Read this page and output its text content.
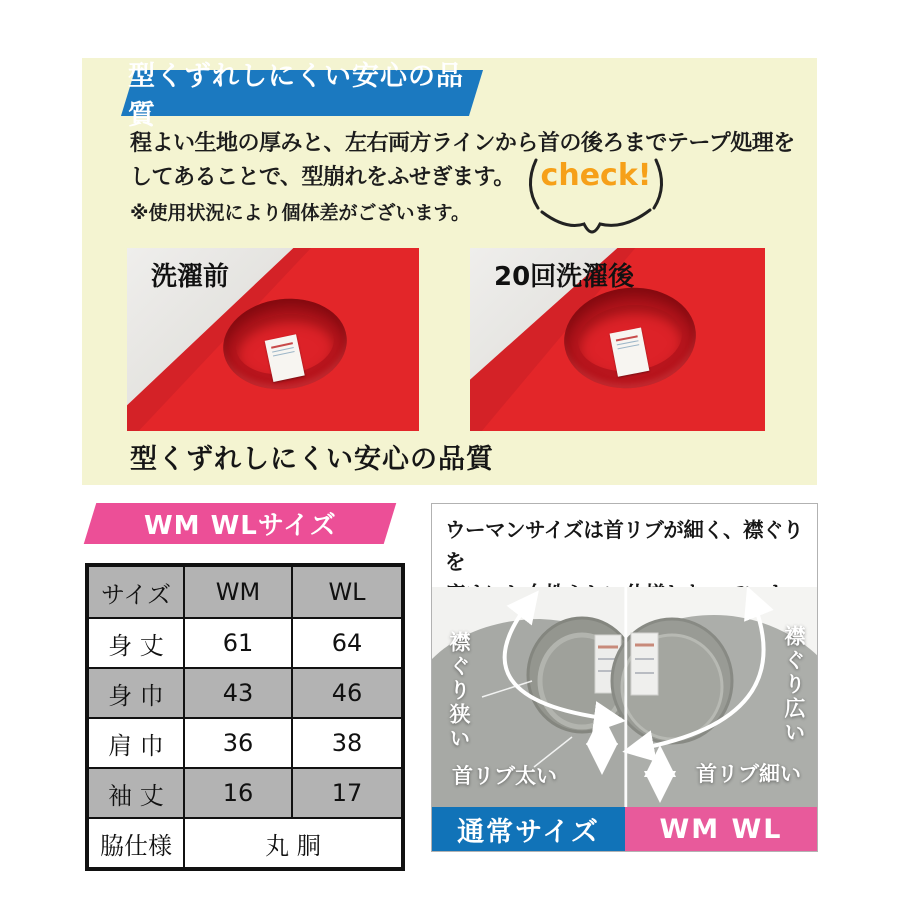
型くずれしにくい安心の品質
程よい生地の厚みと、左右両方ラインから首の後ろまでテープ処理を
してあることで、型崩れをふせぎます。
※使用状況により個体差がございます。
check!
洗濯前	20回洗濯後
型くずれしにくい安心の品質
WM WLサイズ
サイズ	WM	WL
身 丈	61	64
身 巾	43	46
肩 巾	36	38
袖 丈	16	17
脇仕様	丸 胴	
ウーマンサイズは首リブが細く、襟ぐりを

襟ぐり狭い	襟ぐり広い
首リブ太い	首リブ細い
通常サイズ	WM WL
